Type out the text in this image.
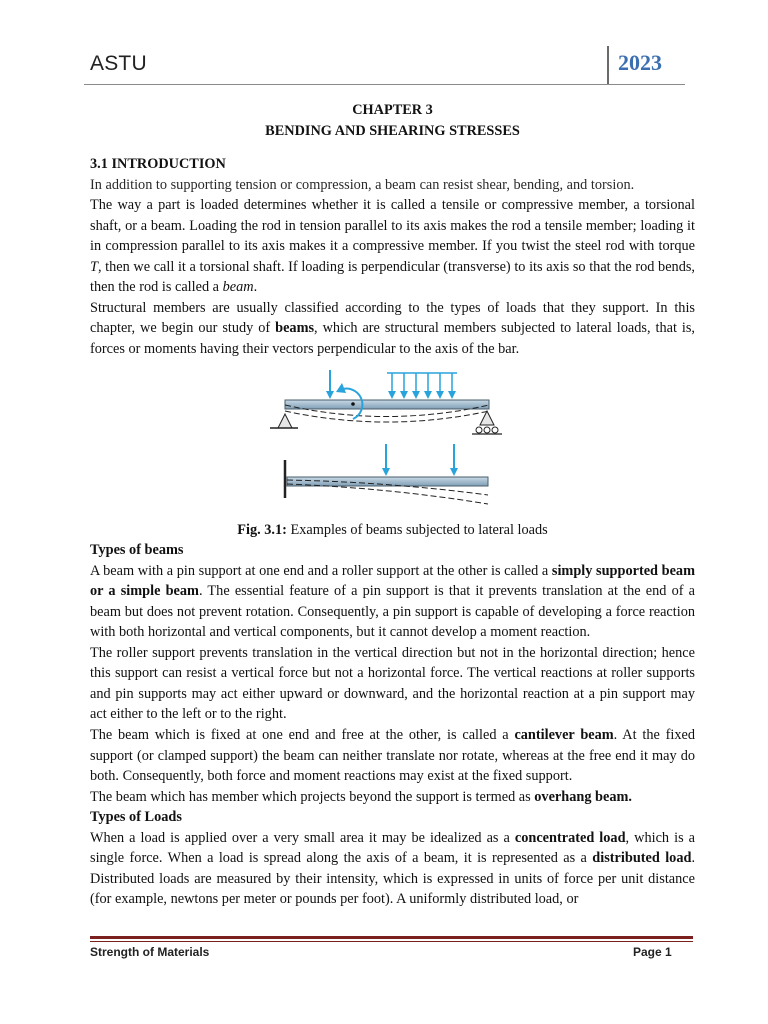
ASTU	2023
CHAPTER 3
BENDING AND SHEARING STRESSES

3.1 INTRODUCTION

In addition to supporting tension or compression, a beam can resist shear, bending, and torsion.

The way a part is loaded determines whether it is called a tensile or compressive member, a torsional shaft, or a beam. Loading the rod in tension parallel to its axis makes the rod a tensile member; loading it in compression parallel to its axis makes it a compressive member. If you twist the steel rod with torque T, then we call it a torsional shaft. If loading is perpendicular (transverse) to its axis so that the rod bends, then the rod is called a beam.

Structural members are usually classified according to the types of loads that they support. In this chapter, we begin our study of beams, which are structural members subjected to lateral loads, that is, forces or moments having their vectors perpendicular to the axis of the bar.

Fig. 3.1: Examples of beams subjected to lateral loads

Types of beams

A beam with a pin support at one end and a roller support at the other is called a simply supported beam or a simple beam. The essential feature of a pin support is that it prevents translation at the end of a beam but does not prevent rotation. Consequently, a pin support is capable of developing a force reaction with both horizontal and vertical components, but it cannot develop a moment reaction.

The roller support prevents translation in the vertical direction but not in the horizontal direction; hence this support can resist a vertical force but not a horizontal force. The vertical reactions at roller supports and pin supports may act either upward or downward, and the horizontal reaction at a pin support may act either to the left or to the right.

The beam which is fixed at one end and free at the other, is called a cantilever beam. At the fixed support (or clamped support) the beam can neither translate nor rotate, whereas at the free end it may do both. Consequently, both force and moment reactions may exist at the fixed support.

The beam which has member which projects beyond the support is termed as overhang beam.

Types of Loads

When a load is applied over a very small area it may be idealized as a concentrated load, which is a single force. When a load is spread along the axis of a beam, it is represented as a distributed load. Distributed loads are measured by their intensity, which is expressed in units of force per unit distance (for example, newtons per meter or pounds per foot). A uniformly distributed load, or

Strength of Materials	Page 1
